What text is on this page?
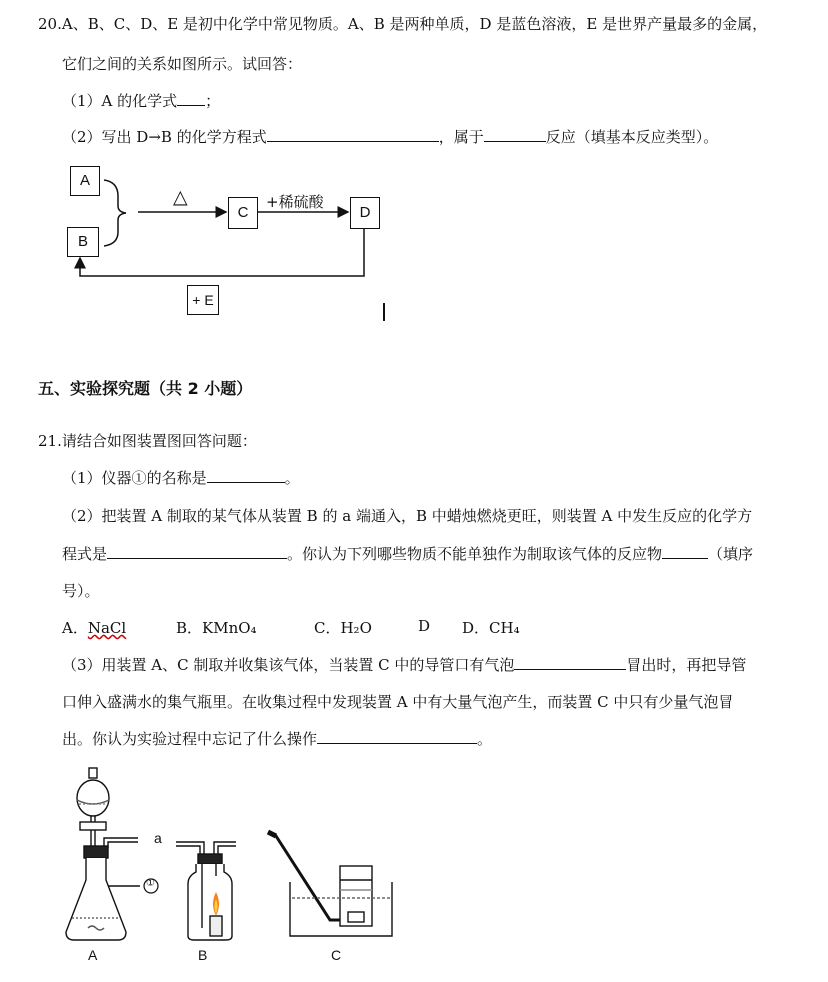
20.A、B、C、D、E 是初中化学中常见物质。A、B 是两种单质，D 是蓝色溶液，E 是世界产量最多的金属，
它们之间的关系如图所示。试回答：
（1）A 的化学式 ；
（2）写出 D→B 的化学方程式	，属于	反应（填基本反应类型）。
A
B
C	D
△	+稀硫酸
+ E
五、实验探究题（共 2 小题）
21.请结合如图装置图回答问题：
（1）仪器①的名称是	。
（2）把装置 A 制取的某气体从装置 B 的 a 端通入，B 中蜡烛燃烧更旺，则装置 A 中发生反应的化学方
程式是	。你认为下列哪些物质不能单独作为制取该气体的反应物	（填序
号）。
A．NaCl	B．KMnO₄	C．H₂O	D D．CH₄
（3）用装置 A、C 制取并收集该气体，当装置 C 中的导管口有气泡	冒出时，再把导管
口伸入盛满水的集气瓶里。在收集过程中发现装置 A 中有大量气泡产生，而装置 C 中只有少量气泡冒
出。你认为实验过程中忘记了什么操作	。
①
a
A	B	C
